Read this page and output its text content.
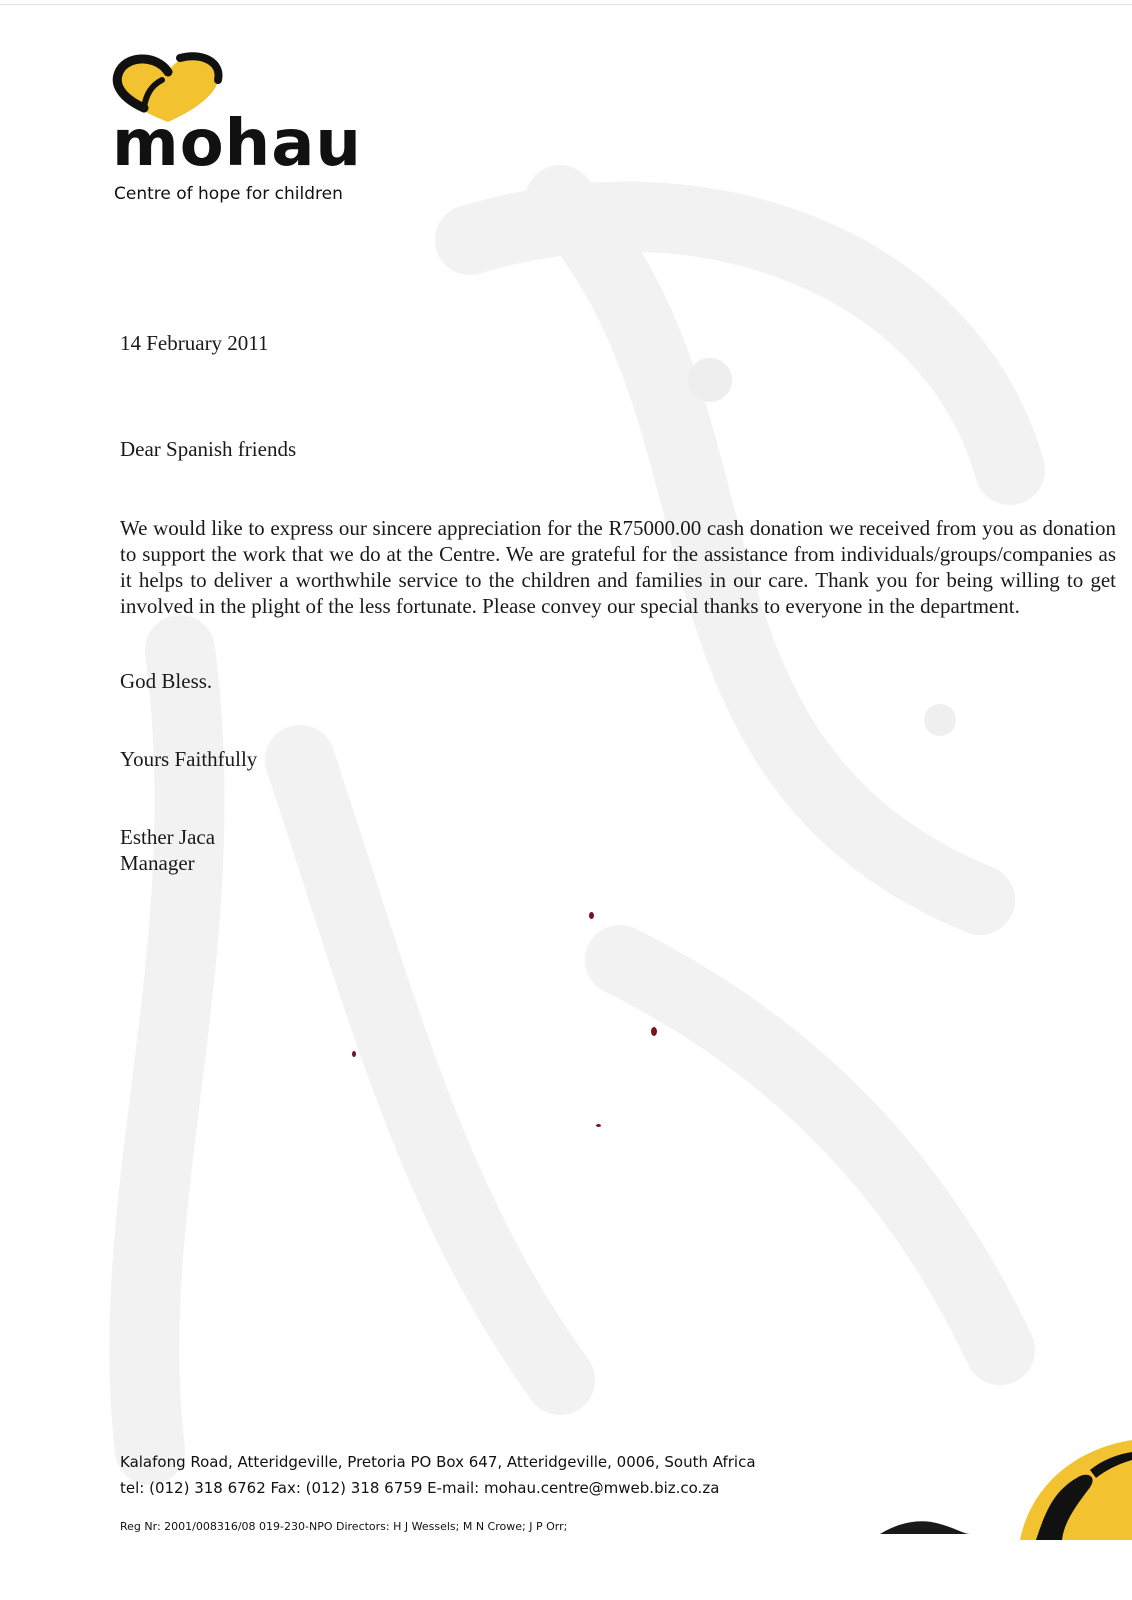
mohau
Centre of hope for children
14 February 2011
Dear Spanish friends
We would like to express our sincere appreciation for the R75000.00 cash donation we received from you as donation to support the work that we do at the Centre. We are grateful for the assistance from individuals/groups/companies as it helps to deliver a worthwhile service to the children and families in our care. Thank you for being willing to get involved in the plight of the less fortunate. Please convey our special thanks to everyone in the department.
God Bless.
Yours Faithfully
Esther Jaca
Manager
Kalafong Road, Atteridgeville, Pretoria PO Box 647, Atteridgeville, 0006, South Africa
tel: (012) 318 6762 Fax: (012) 318 6759 E-mail: mohau.centre@mweb.biz.co.za
Reg Nr: 2001/008316/08 019-230-NPO Directors: H J Wessels; M N Crowe; J P Orr;
